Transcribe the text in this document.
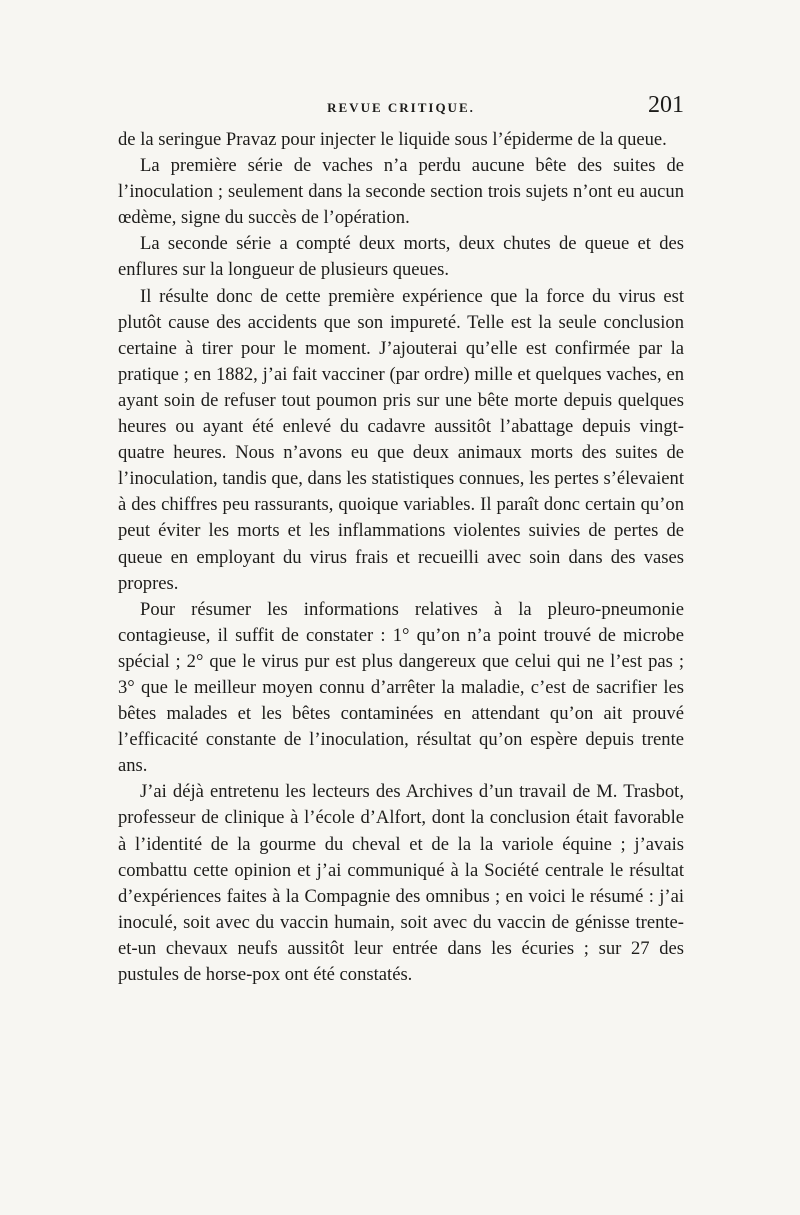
REVUE CRITIQUE.	201

de la seringue Pravaz pour injecter le liquide sous l’épiderme de la queue.

La première série de vaches n’a perdu aucune bête des suites de l’inoculation ; seulement dans la seconde section trois sujets n’ont eu aucun œdème, signe du succès de l’opération.

La seconde série a compté deux morts, deux chutes de queue et des enflures sur la longueur de plusieurs queues.

Il résulte donc de cette première expérience que la force du virus est plutôt cause des accidents que son impureté. Telle est la seule conclusion certaine à tirer pour le moment. J’ajouterai qu’elle est confirmée par la pratique ; en 1882, j’ai fait vacciner (par ordre) mille et quelques vaches, en ayant soin de refuser tout poumon pris sur une bête morte depuis quelques heures ou ayant été enlevé du cadavre aussitôt l’abattage depuis vingt-quatre heures. Nous n’avons eu que deux animaux morts des suites de l’inoculation, tandis que, dans les statistiques connues, les pertes s’élevaient à des chiffres peu rassurants, quoique variables. Il paraît donc certain qu’on peut éviter les morts et les inflammations violentes suivies de pertes de queue en employant du virus frais et recueilli avec soin dans des vases propres.

Pour résumer les informations relatives à la pleuro-pneumonie contagieuse, il suffit de constater : 1° qu’on n’a point trouvé de microbe spécial ; 2° que le virus pur est plus dangereux que celui qui ne l’est pas ; 3° que le meilleur moyen connu d’arrêter la maladie, c’est de sacrifier les bêtes malades et les bêtes contaminées en attendant qu’on ait prouvé l’efficacité constante de l’inoculation, résultat qu’on espère depuis trente ans.

J’ai déjà entretenu les lecteurs des Archives d’un travail de M. Trasbot, professeur de clinique à l’école d’Alfort, dont la conclusion était favorable à l’identité de la gourme du cheval et de la la variole équine ; j’avais combattu cette opinion et j’ai communiqué à la Société centrale le résultat d’expériences faites à la Compagnie des omnibus ; en voici le résumé : j’ai inoculé, soit avec du vaccin humain, soit avec du vaccin de génisse trente-et-un chevaux neufs aussitôt leur entrée dans les écuries ; sur 27 des pustules de horse-pox ont été constatés.
